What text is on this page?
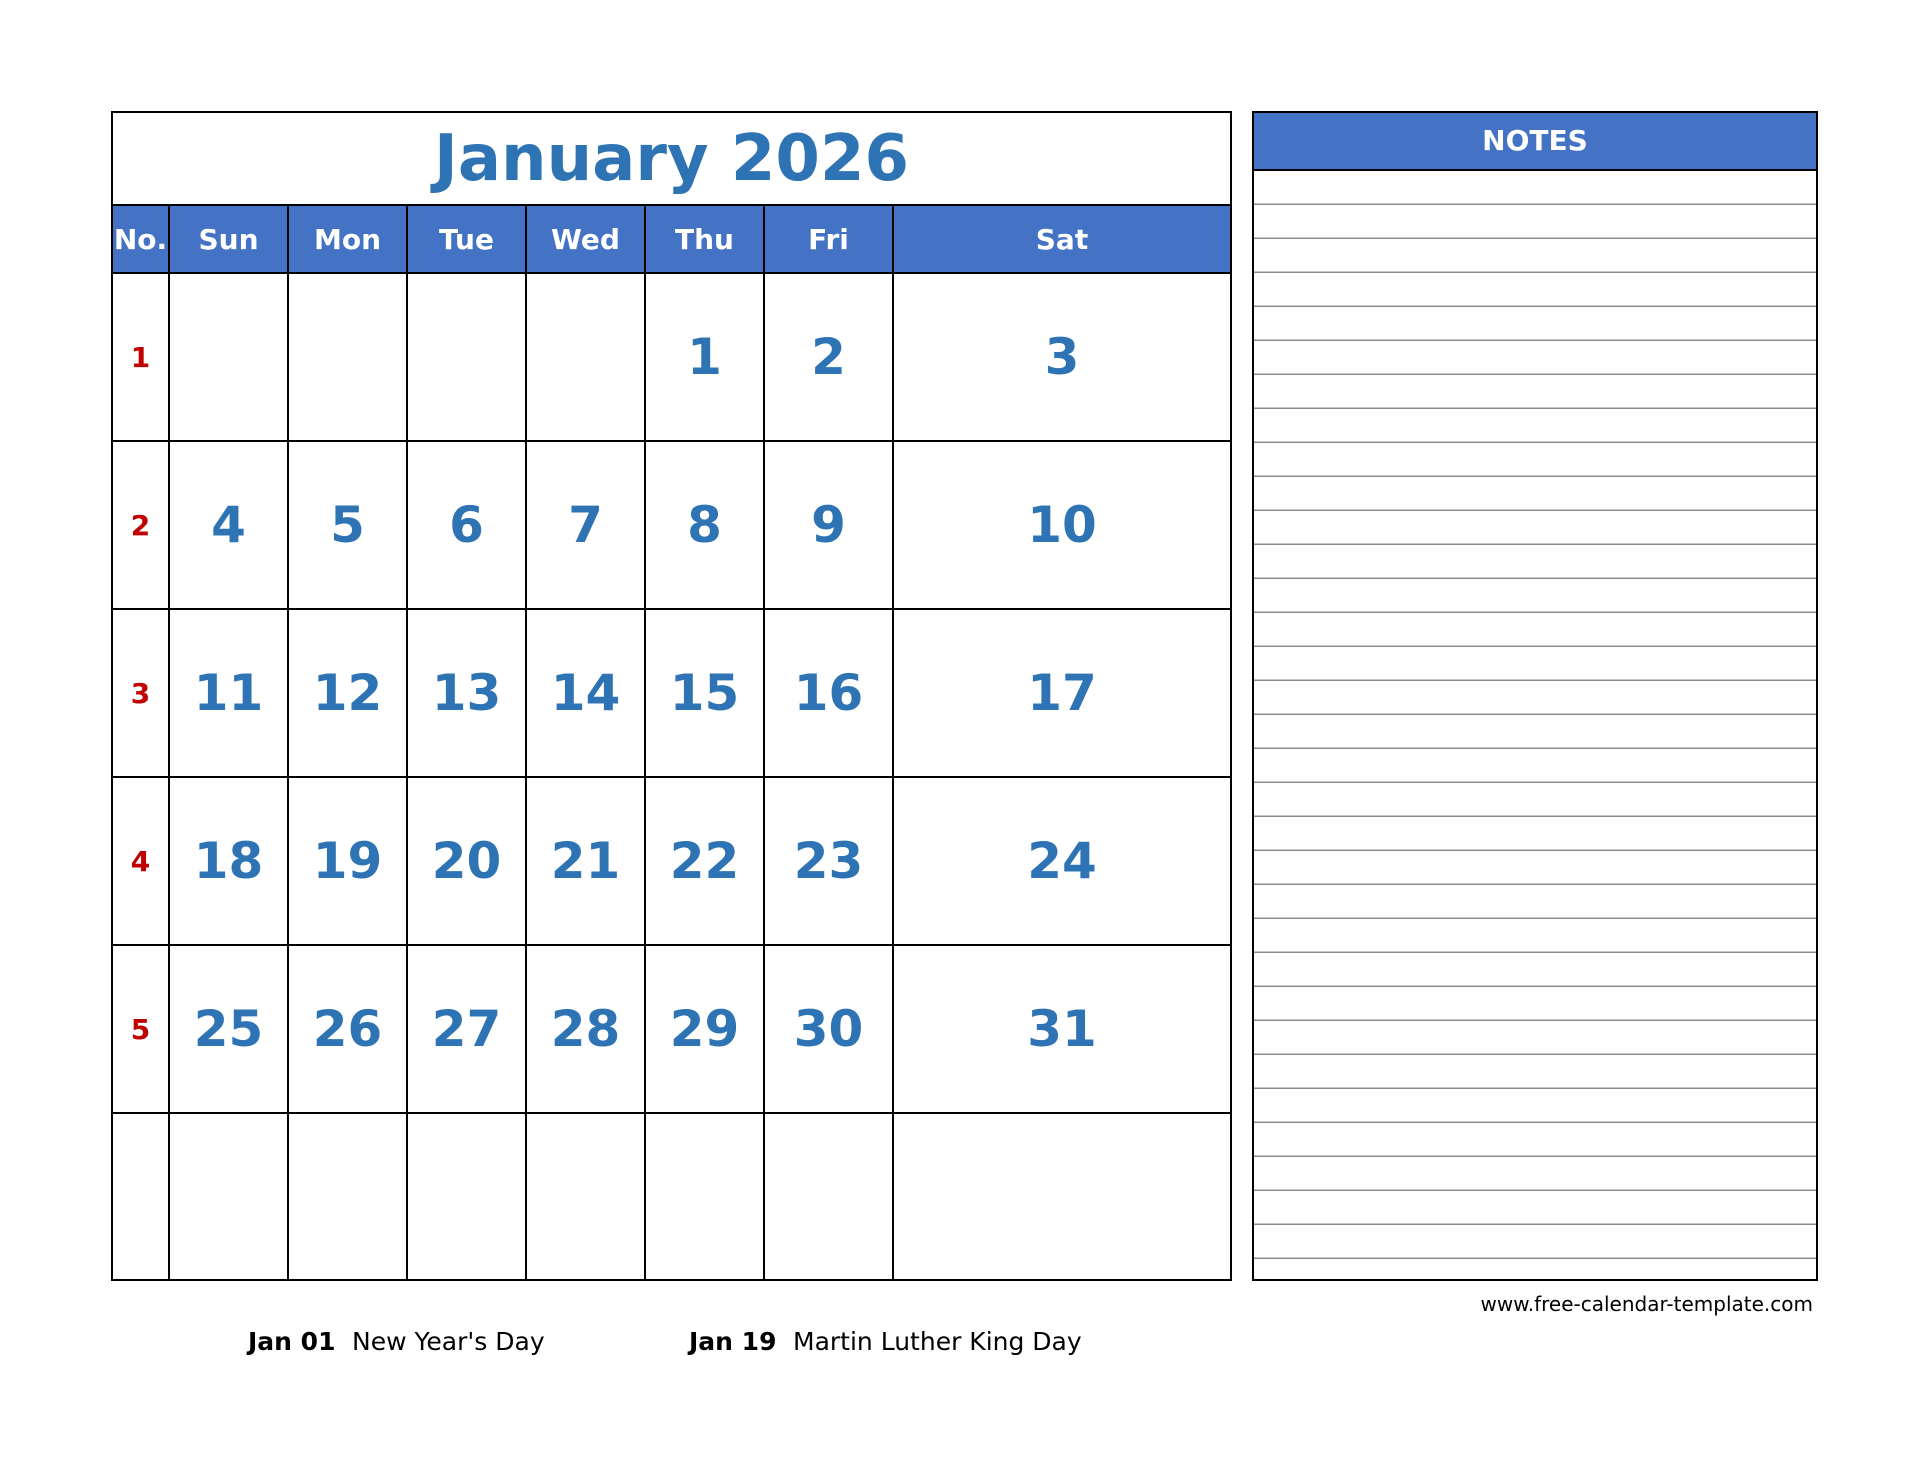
January 2026
No.	Sun	Mon	Tue	Wed	Thu	Fri	Sat
1					1	2	3
2	4	5	6	7	8	9	10
3	11	12	13	14	15	16	17
4	18	19	20	21	22	23	24
5	25	26	27	28	29	30	31

NOTES
www.free-calendar-template.com
Jan 01 New Year's Day	Jan 19 Martin Luther King Day
